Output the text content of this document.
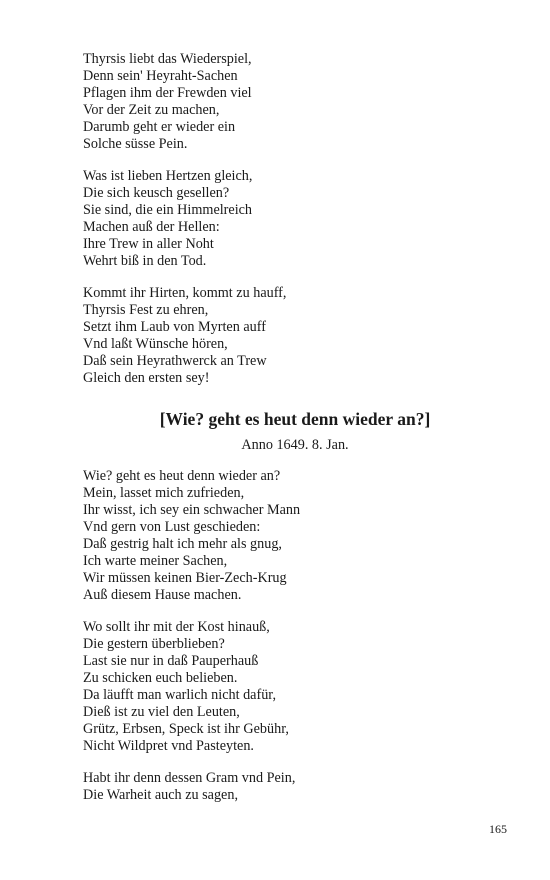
Thyrsis liebt das Wiederspiel,
Denn sein' Heyraht-Sachen
Pflagen ihm der Frewden viel
Vor der Zeit zu machen,
Darumb geht er wieder ein
Solche süsse Pein.
Was ist lieben Hertzen gleich,
Die sich keusch gesellen?
Sie sind, die ein Himmelreich
Machen auß der Hellen:
Ihre Trew in aller Noht
Wehrt biß in den Tod.
Kommt ihr Hirten, kommt zu hauff,
Thyrsis Fest zu ehren,
Setzt ihm Laub von Myrten auff
Vnd laßt Wünsche hören,
Daß sein Heyrathwerck an Trew
Gleich den ersten sey!
[Wie? geht es heut denn wieder an?]
Anno 1649. 8. Jan.
Wie? geht es heut denn wieder an?
Mein, lasset mich zufrieden,
Ihr wisst, ich sey ein schwacher Mann
Vnd gern von Lust geschieden:
Daß gestrig halt ich mehr als gnug,
Ich warte meiner Sachen,
Wir müssen keinen Bier-Zech-Krug
Auß diesem Hause machen.
Wo sollt ihr mit der Kost hinauß,
Die gestern überblieben?
Last sie nur in daß Pauperhauß
Zu schicken euch belieben.
Da läufft man warlich nicht dafür,
Dieß ist zu viel den Leuten,
Grütz, Erbsen, Speck ist ihr Gebühr,
Nicht Wildpret vnd Pasteyten.
Habt ihr denn dessen Gram vnd Pein,
Die Warheit auch zu sagen,
165
